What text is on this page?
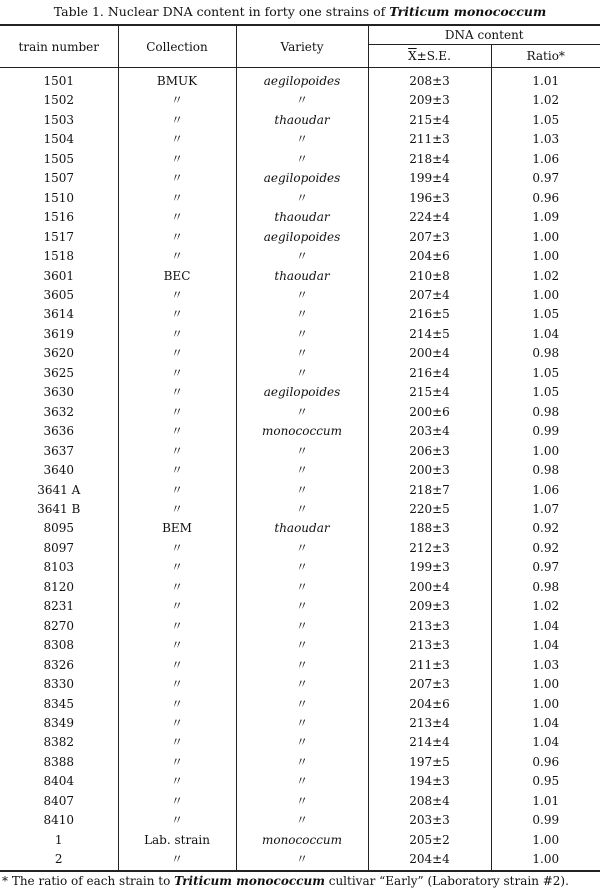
Table 1. Nuclear DNA content in forty one strains of Triticum monococcum
train number	Collection	Variety	DNA content	
			$\overline{X}\pm S.E$.	Ratio*
1501	BMUK	aegilopoides	208±3	1.01
1502	〃	〃	209±3	1.02
1503	〃	thaoudar	215±4	1.05
1504	〃	〃	211±3	1.03
1505	〃	〃	218±4	1.06
1507	〃	aegilopoides	199±4	0.97
1510	〃	〃	196±3	0.96
1516	〃	thaoudar	224±4	1.09
1517	〃	aegilopoides	207±3	1.00
1518	〃	〃	204±6	1.00
3601	BEC	thaoudar	210±8	1.02
3605	〃	〃	207±4	1.00
3614	〃	〃	216±5	1.05
3619	〃	〃	214±5	1.04
3620	〃	〃	200±4	0.98
3625	〃	〃	216±4	1.05
3630	〃	aegilopoides	215±4	1.05
3632	〃	〃	200±6	0.98
3636	〃	monococcum	203±4	0.99
3637	〃	〃	206±3	1.00
3640	〃	〃	200±3	0.98
3641 A	〃	〃	218±7	1.06
3641 B	〃	〃	220±5	1.07
8095	BEM	thaoudar	188±3	0.92
8097	〃	〃	212±3	0.92
8103	〃	〃	199±3	0.97
8120	〃	〃	200±4	0.98
8231	〃	〃	209±3	1.02
8270	〃	〃	213±3	1.04
8308	〃	〃	213±3	1.04
8326	〃	〃	211±3	1.03
8330	〃	〃	207±3	1.00
8345	〃	〃	204±6	1.00
8349	〃	〃	213±4	1.04
8382	〃	〃	214±4	1.04
8388	〃	〃	197±5	0.96
8404	〃	〃	194±3	0.95
8407	〃	〃	208±4	1.01
8410	〃	〃	203±3	0.99
1	Lab. strain	monococcum	205±2	1.00
2	〃	〃	204±4	1.00
* The ratio of each strain to Triticum monococcum cultivar “Early” (Laboratory strain #2).
